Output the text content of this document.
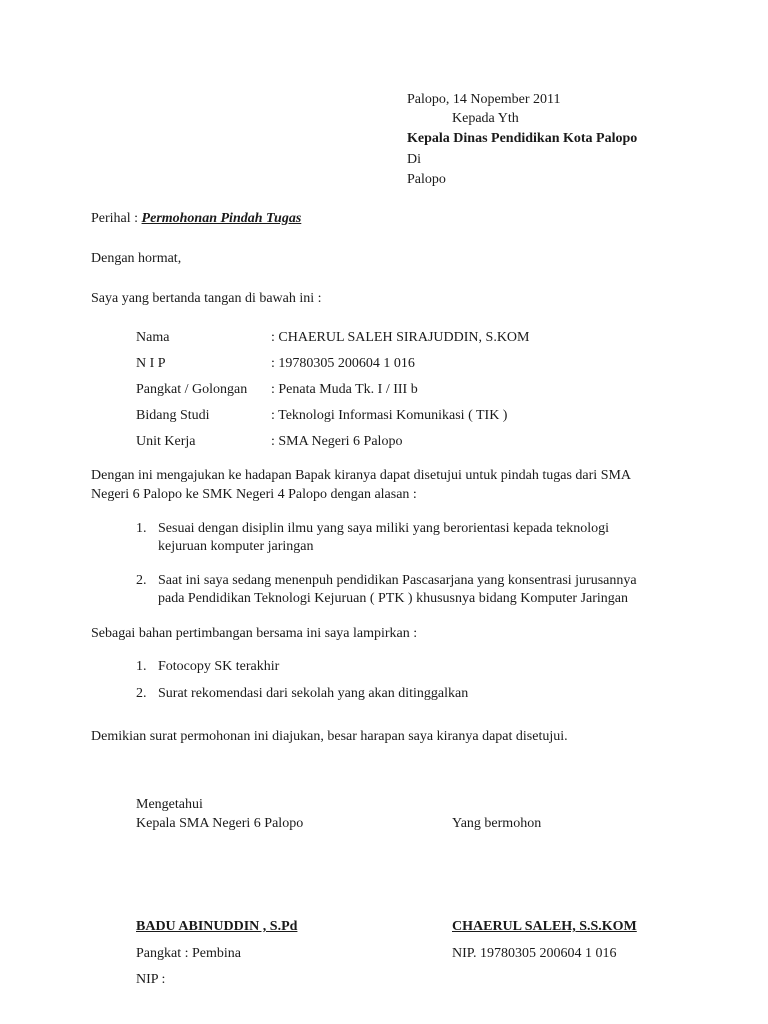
Palopo, 14 Nopember 2011
Kepada Yth
Kepala Dinas Pendidikan Kota Palopo
Di
Palopo
Perihal : Permohonan Pindah Tugas
Dengan hormat,
Saya yang bertanda tangan di bawah ini :
Nama	: CHAERUL SALEH SIRAJUDDIN, S.KOM
N I P	: 19780305 200604 1 016
Pangkat / Golongan : Penata Muda Tk. I / III b
Bidang Studi	: Teknologi Informasi Komunikasi ( TIK )
Unit Kerja	: SMA Negeri 6 Palopo
Dengan ini mengajukan ke hadapan Bapak kiranya dapat disetujui untuk pindah tugas dari SMA
Negeri 6 Palopo ke SMK Negeri 4 Palopo dengan alasan :
1. Sesuai dengan disiplin ilmu yang saya miliki yang berorientasi kepada teknologi
kejuruan komputer jaringan
2. Saat ini saya sedang menenpuh pendidikan Pascasarjana yang konsentrasi jurusannya
pada Pendidikan Teknologi Kejuruan ( PTK ) khususnya bidang Komputer Jaringan
Sebagai bahan pertimbangan bersama ini saya lampirkan :
1. Fotocopy SK terakhir
2. Surat rekomendasi dari sekolah yang akan ditinggalkan
Demikian surat permohonan ini diajukan, besar harapan saya kiranya dapat disetujui.
Mengetahui
Kepala SMA Negeri 6 Palopo
BADU ABINUDDIN , S.Pd
Pangkat : Pembina
NIP :
Yang bermohon
CHAERUL SALEH, S.S.KOM
NIP. 19780305 200604 1 016
